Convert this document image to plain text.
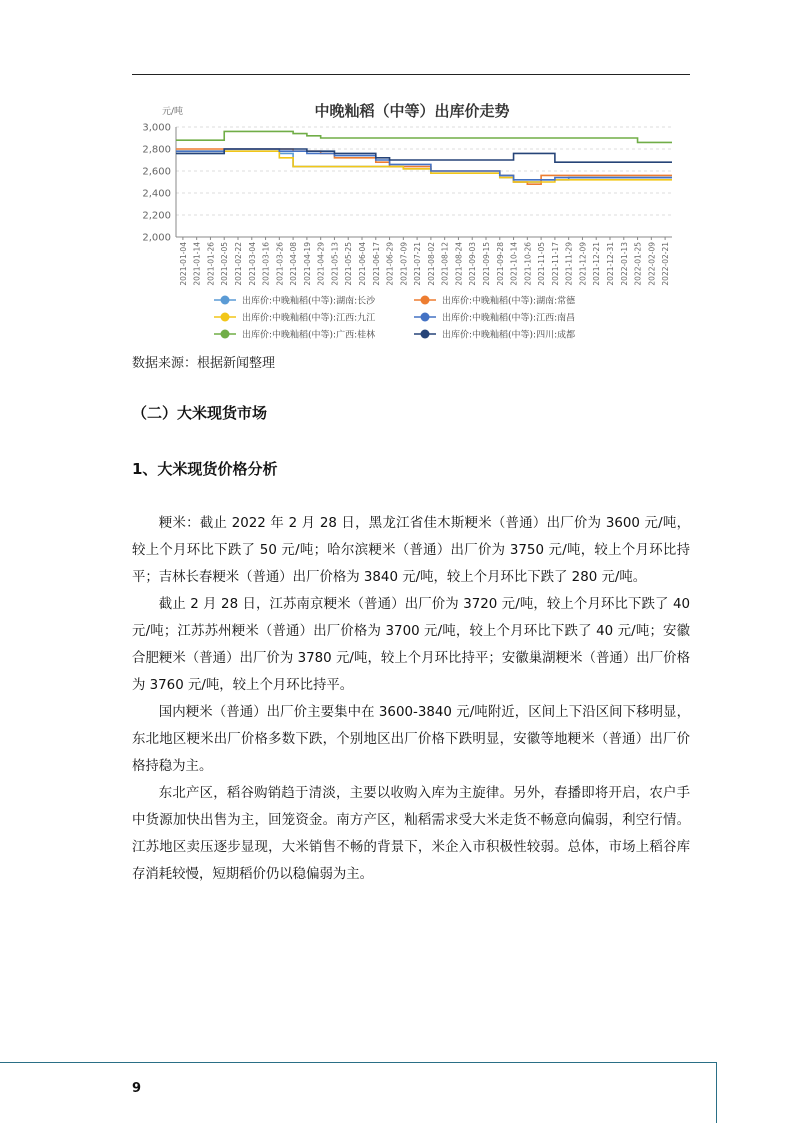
中晚籼稻（中等）出库价走势
元/吨
2,000
2,200
2,400
2,600
2,800
3,000
2021-01-04 2021-01-14 2021-01-26 2021-02-05 2021-02-22 2021-03-04 2021-03-16 2021-03-26 2021-04-08 2021-04-19 2021-04-29 2021-05-13 2021-05-25 2021-06-04 2021-06-17 2021-06-29 2021-07-09 2021-07-21 2021-08-02 2021-08-12 2021-08-24 2021-09-03 2021-09-15 2021-09-28 2021-10-14 2021-10-26 2021-11-05 2021-11-17 2021-11-29 2021-12-09 2021-12-21 2021-12-31 2022-01-13 2022-01-25 2022-02-09 2022-02-21
出库价:中晚籼稻(中等):湖南:长沙	出库价:中晚籼稻(中等):湖南:常德
出库价:中晚籼稻(中等):江西:九江	出库价:中晚籼稻(中等):江西:南昌
出库价:中晚籼稻(中等):广西:桂林	出库价:中晚籼稻(中等):四川:成都
数据来源：根据新闻整理
（二）大米现货市场
1、大米现货价格分析

粳米：截止 2022 年 2 月 28 日，黑龙江省佳木斯粳米（普通）出厂价为 3600 元/吨，较上个月环比下跌了 50 元/吨；哈尔滨粳米（普通）出厂价为 3750 元/吨，较上个月环比持平；吉林长春粳米（普通）出厂价格为 3840 元/吨，较上个月环比下跌了 280 元/吨。

截止 2 月 28 日，江苏南京粳米（普通）出厂价为 3720 元/吨，较上个月环比下跌了 40 元/吨；江苏苏州粳米（普通）出厂价格为 3700 元/吨，较上个月环比下跌了 40 元/吨；安徽合肥粳米（普通）出厂价为 3780 元/吨，较上个月环比持平；安徽巢湖粳米（普通）出厂价格为 3760 元/吨，较上个月环比持平。

国内粳米（普通）出厂价主要集中在 3600-3840 元/吨附近，区间上下沿区间下移明显，东北地区粳米出厂价格多数下跌，个别地区出厂价格下跌明显，安徽等地粳米（普通）出厂价格持稳为主。

东北产区，稻谷购销趋于清淡，主要以收购入库为主旋律。另外，春播即将开启，农户手中货源加快出售为主，回笼资金。南方产区，籼稻需求受大米走货不畅意向偏弱，利空行情。江苏地区卖压逐步显现，大米销售不畅的背景下，米企入市积极性较弱。总体，市场上稻谷库存消耗较慢，短期稻价仍以稳偏弱为主。

9
